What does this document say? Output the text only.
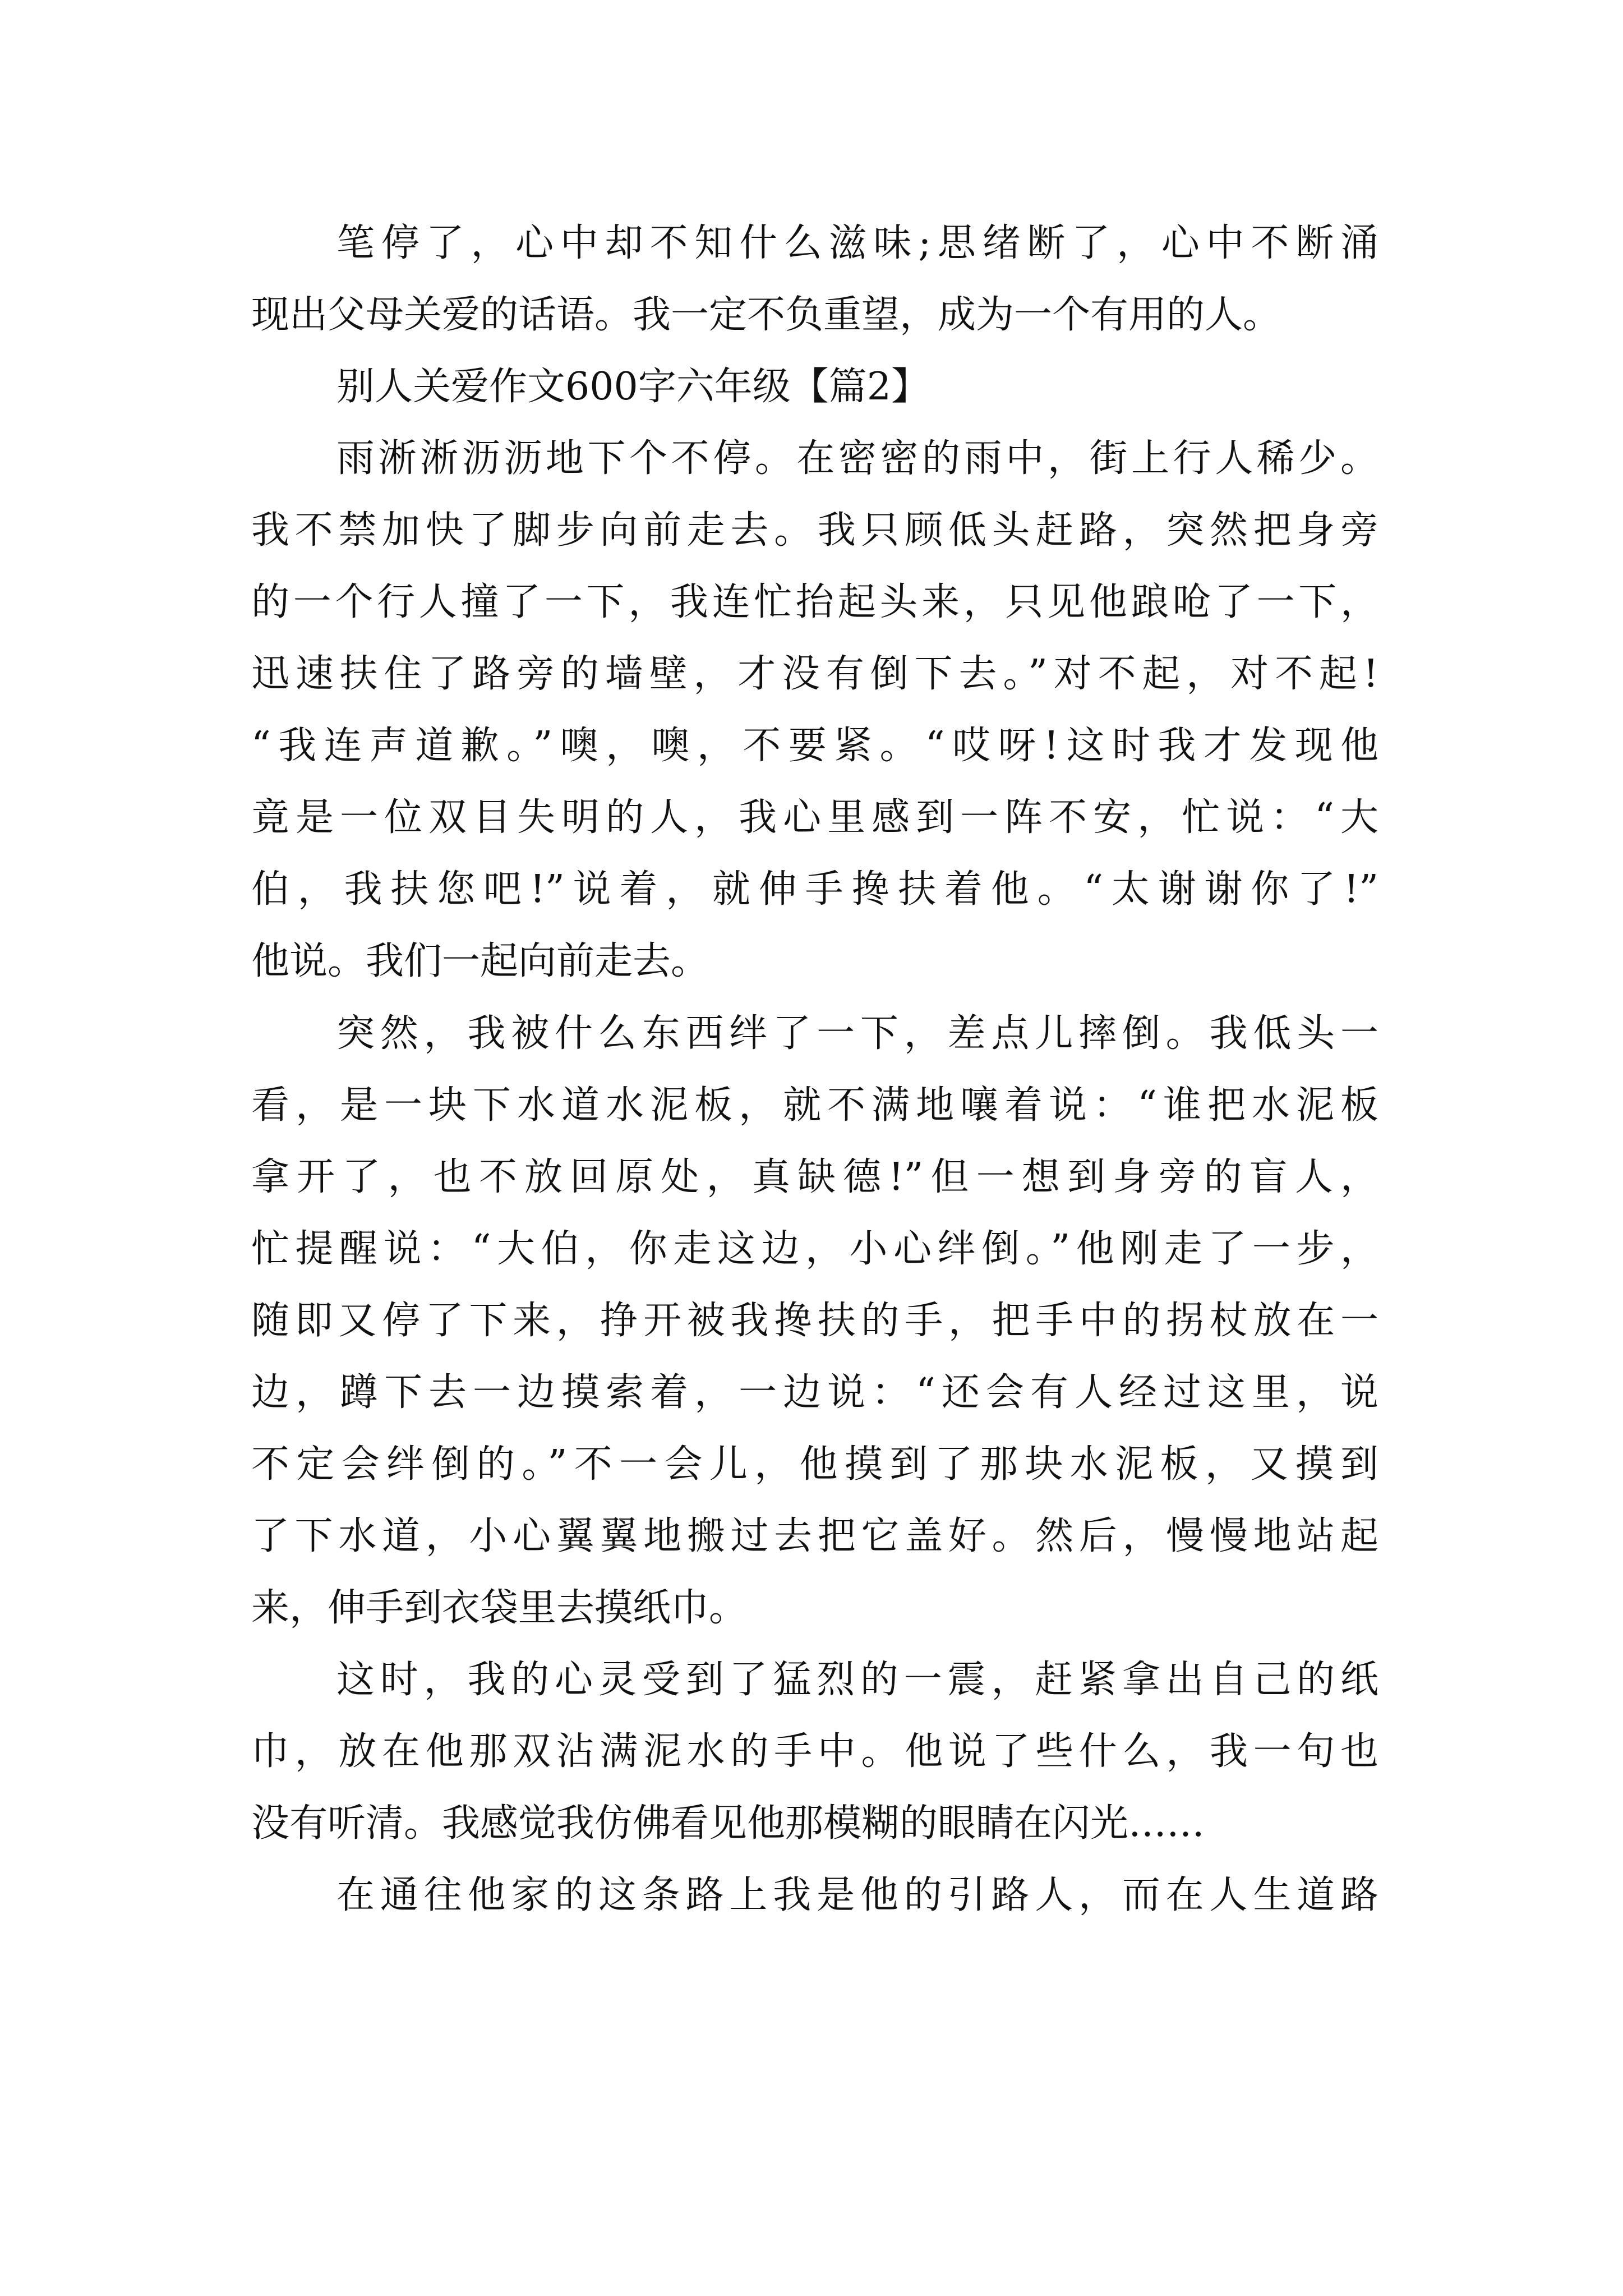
笔停了，心中却不知什么滋味;思绪断了，心中不断涌

现出父母关爱的话语。我一定不负重望，成为一个有用的人。

别人关爱作文600字六年级【篇2】

雨淅淅沥沥地下个不停。在密密的雨中，街上行人稀少。

我不禁加快了脚步向前走去。我只顾低头赶路，突然把身旁

的一个行人撞了一下，我连忙抬起头来，只见他踉呛了一下，

迅速扶住了路旁的墙壁，才没有倒下去。”对不起，对不起!

“我连声道歉。”噢，噢，不要紧。“哎呀!这时我才发现他

竟是一位双目失明的人，我心里感到一阵不安，忙说：“大

伯，我扶您吧!”说着，就伸手搀扶着他。“太谢谢你了!”

他说。我们一起向前走去。

突然，我被什么东西绊了一下，差点儿摔倒。我低头一

看，是一块下水道水泥板，就不满地嚷着说：“谁把水泥板

拿开了，也不放回原处，真缺德!”但一想到身旁的盲人，

忙提醒说：“大伯，你走这边，小心绊倒。”他刚走了一步，

随即又停了下来，挣开被我搀扶的手，把手中的拐杖放在一

边，蹲下去一边摸索着，一边说：“还会有人经过这里，说

不定会绊倒的。”不一会儿，他摸到了那块水泥板，又摸到

了下水道，小心翼翼地搬过去把它盖好。然后，慢慢地站起

来，伸手到衣袋里去摸纸巾。

这时，我的心灵受到了猛烈的一震，赶紧拿出自己的纸

巾，放在他那双沾满泥水的手中。他说了些什么，我一句也

没有听清。我感觉我仿佛看见他那模糊的眼睛在闪光……

在通往他家的这条路上我是他的引路人，而在人生道路
